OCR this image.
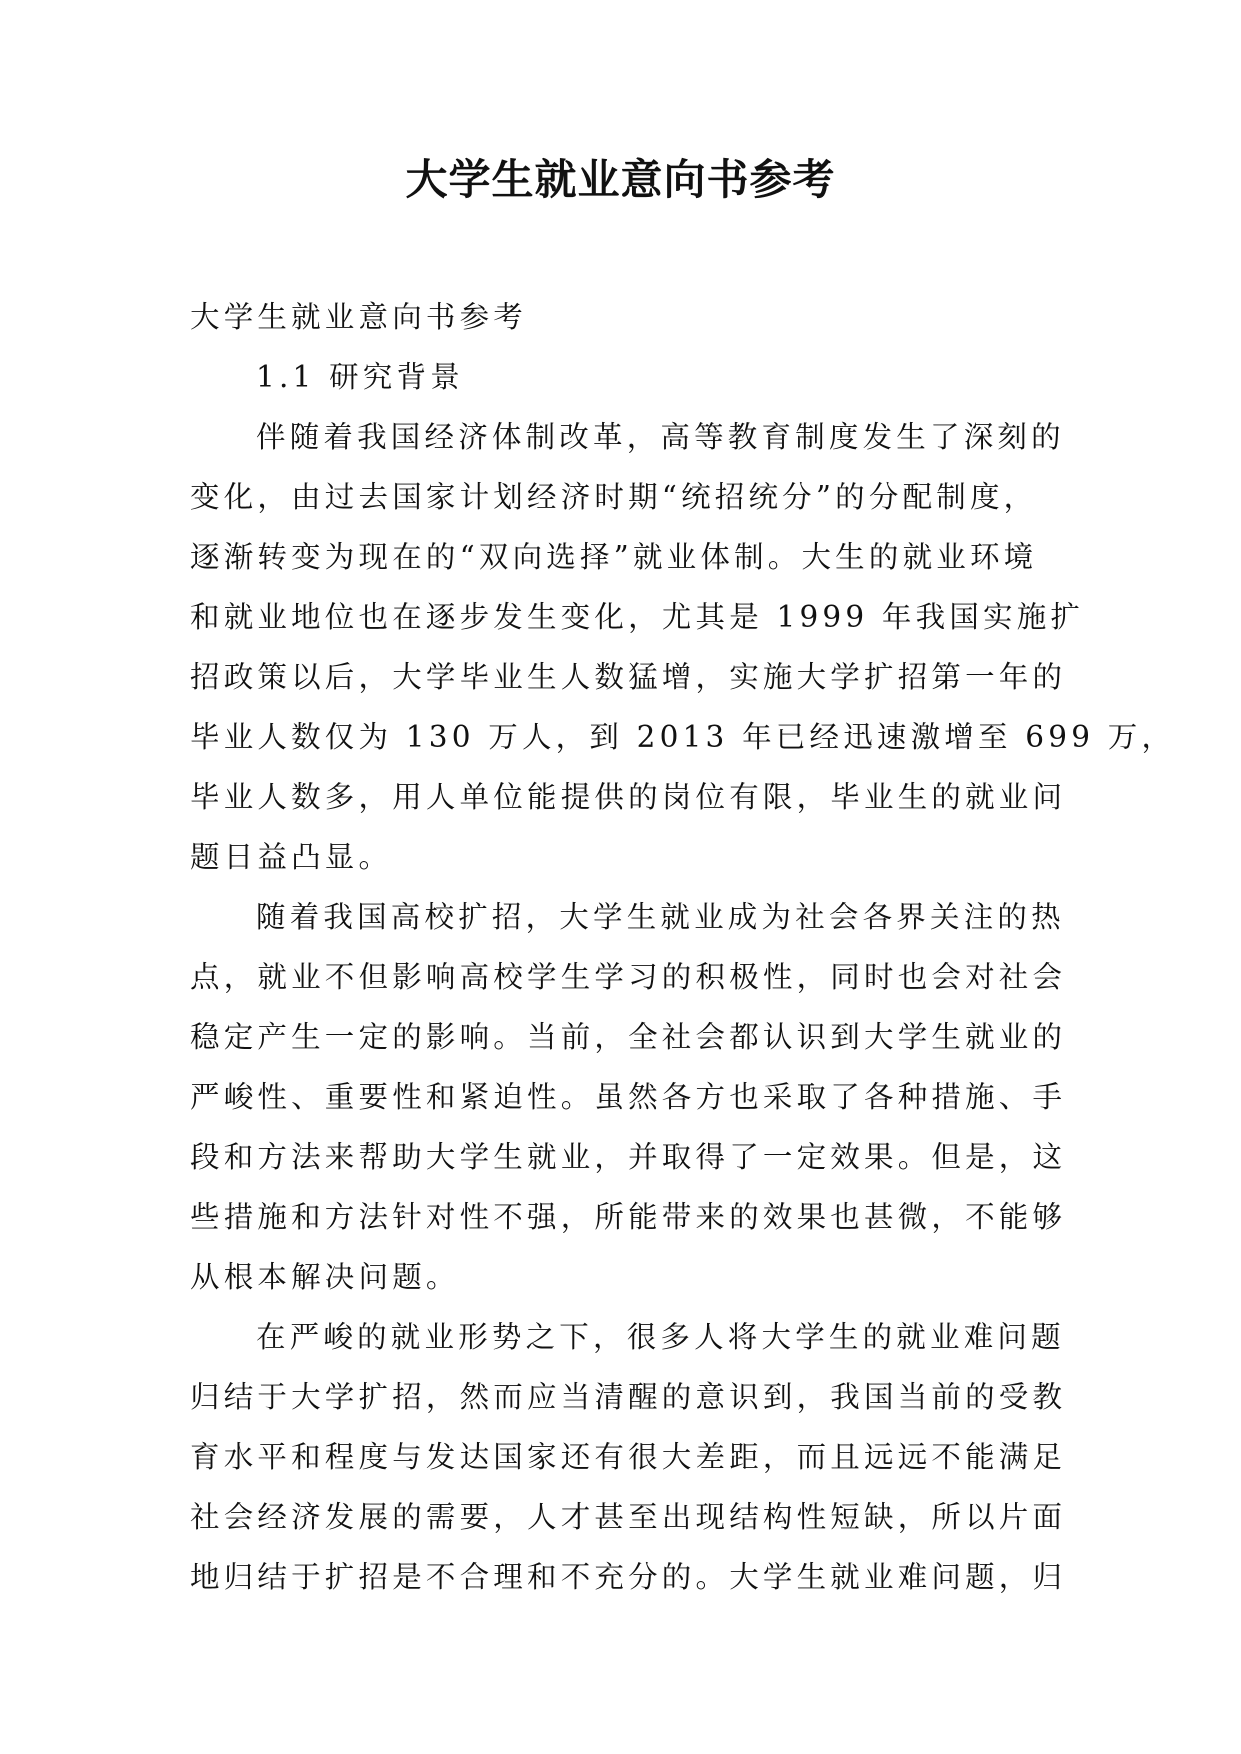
大学生就业意向书参考
大学生就业意向书参考
1.1 研究背景
伴随着我国经济体制改革，高等教育制度发生了深刻的
变化，由过去国家计划经济时期“统招统分”的分配制度，
逐渐转变为现在的“双向选择”就业体制。大生的就业环境
和就业地位也在逐步发生变化，尤其是 1999 年我国实施扩
招政策以后，大学毕业生人数猛增，实施大学扩招第一年的
毕业人数仅为 130 万人，到 2013 年已经迅速激增至 699 万，
毕业人数多，用人单位能提供的岗位有限，毕业生的就业问
题日益凸显。
随着我国高校扩招，大学生就业成为社会各界关注的热
点，就业不但影响高校学生学习的积极性，同时也会对社会
稳定产生一定的影响。当前，全社会都认识到大学生就业的
严峻性、重要性和紧迫性。虽然各方也采取了各种措施、手
段和方法来帮助大学生就业，并取得了一定效果。但是，这
些措施和方法针对性不强，所能带来的效果也甚微，不能够
从根本解决问题。
在严峻的就业形势之下，很多人将大学生的就业难问题
归结于大学扩招，然而应当清醒的意识到，我国当前的受教
育水平和程度与发达国家还有很大差距，而且远远不能满足
社会经济发展的需要，人才甚至出现结构性短缺，所以片面
地归结于扩招是不合理和不充分的。大学生就业难问题，归
